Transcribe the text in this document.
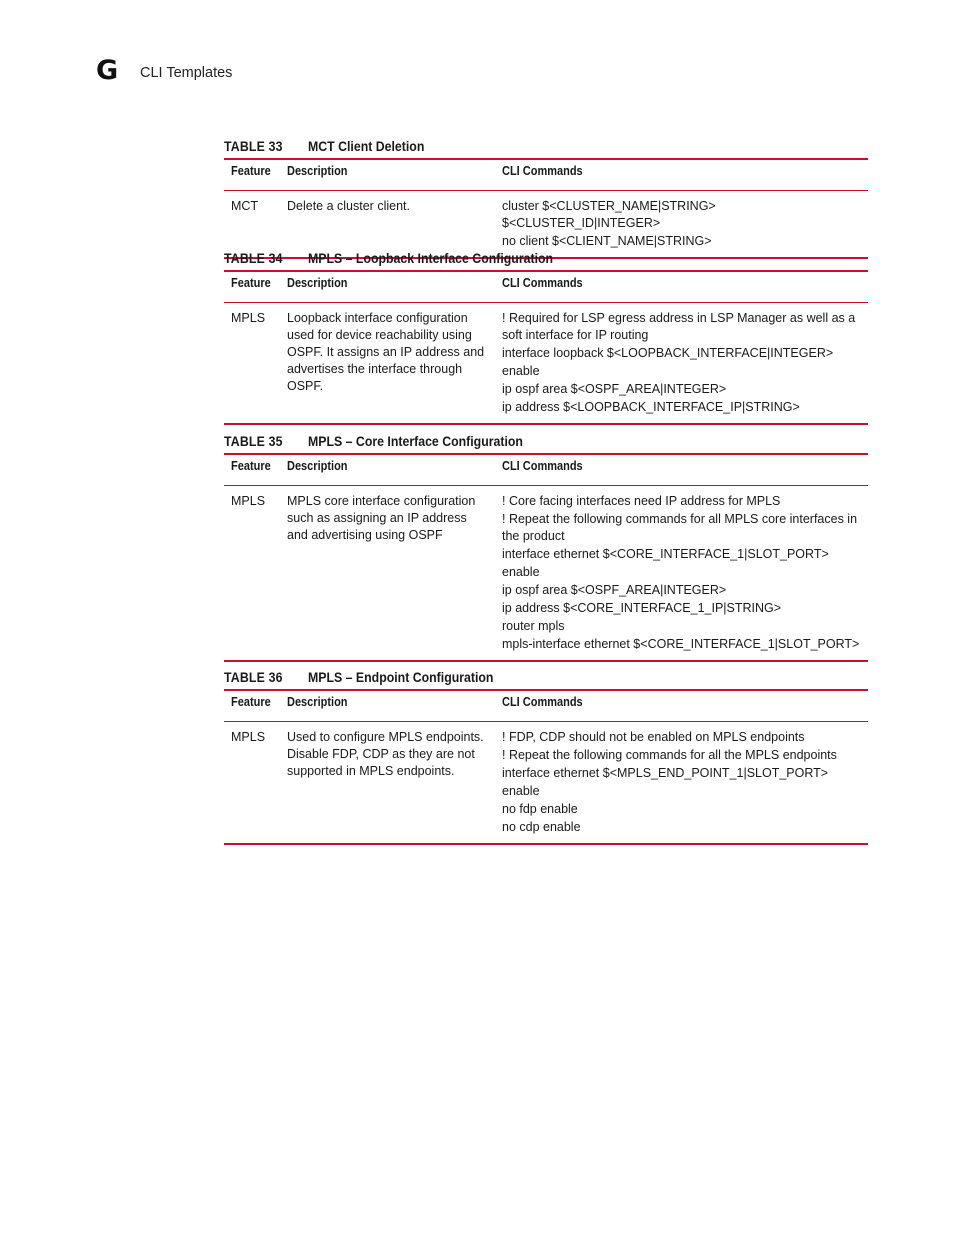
G CLI Templates
TABLE 33 MCT Client Deletion
Feature	Description	CLI Commands
MCT	Delete a cluster client.	cluster $<CLUSTER_NAME|STRING> $<CLUSTER_ID|INTEGER>
no client $<CLIENT_NAME|STRING>
TABLE 34 MPLS – Loopback Interface Configuration
Feature	Description	CLI Commands
MPLS	Loopback interface configuration used for device reachability using OSPF. It assigns an IP address and advertises the interface through OSPF.
! Required for LSP egress address in LSP Manager as well as a soft interface for IP routing
interface loopback $<LOOPBACK_INTERFACE|INTEGER>
enable
ip ospf area $<OSPF_AREA|INTEGER>
ip address $<LOOPBACK_INTERFACE_IP|STRING>
TABLE 35 MPLS – Core Interface Configuration
Feature	Description	CLI Commands
MPLS	MPLS core interface configuration such as assigning an IP address and advertising using OSPF
! Core facing interfaces need IP address for MPLS
! Repeat the following commands for all MPLS core interfaces in the product
interface ethernet $<CORE_INTERFACE_1|SLOT_PORT>
enable
ip ospf area $<OSPF_AREA|INTEGER>
ip address $<CORE_INTERFACE_1_IP|STRING>
router mpls
mpls-interface ethernet $<CORE_INTERFACE_1|SLOT_PORT>
TABLE 36 MPLS – Endpoint Configuration
Feature	Description	CLI Commands
MPLS	Used to configure MPLS endpoints. Disable FDP, CDP as they are not supported in MPLS endpoints.
! FDP, CDP should not be enabled on MPLS endpoints
! Repeat the following commands for all the MPLS endpoints
interface ethernet $<MPLS_END_POINT_1|SLOT_PORT>
enable
no fdp enable
no cdp enable
